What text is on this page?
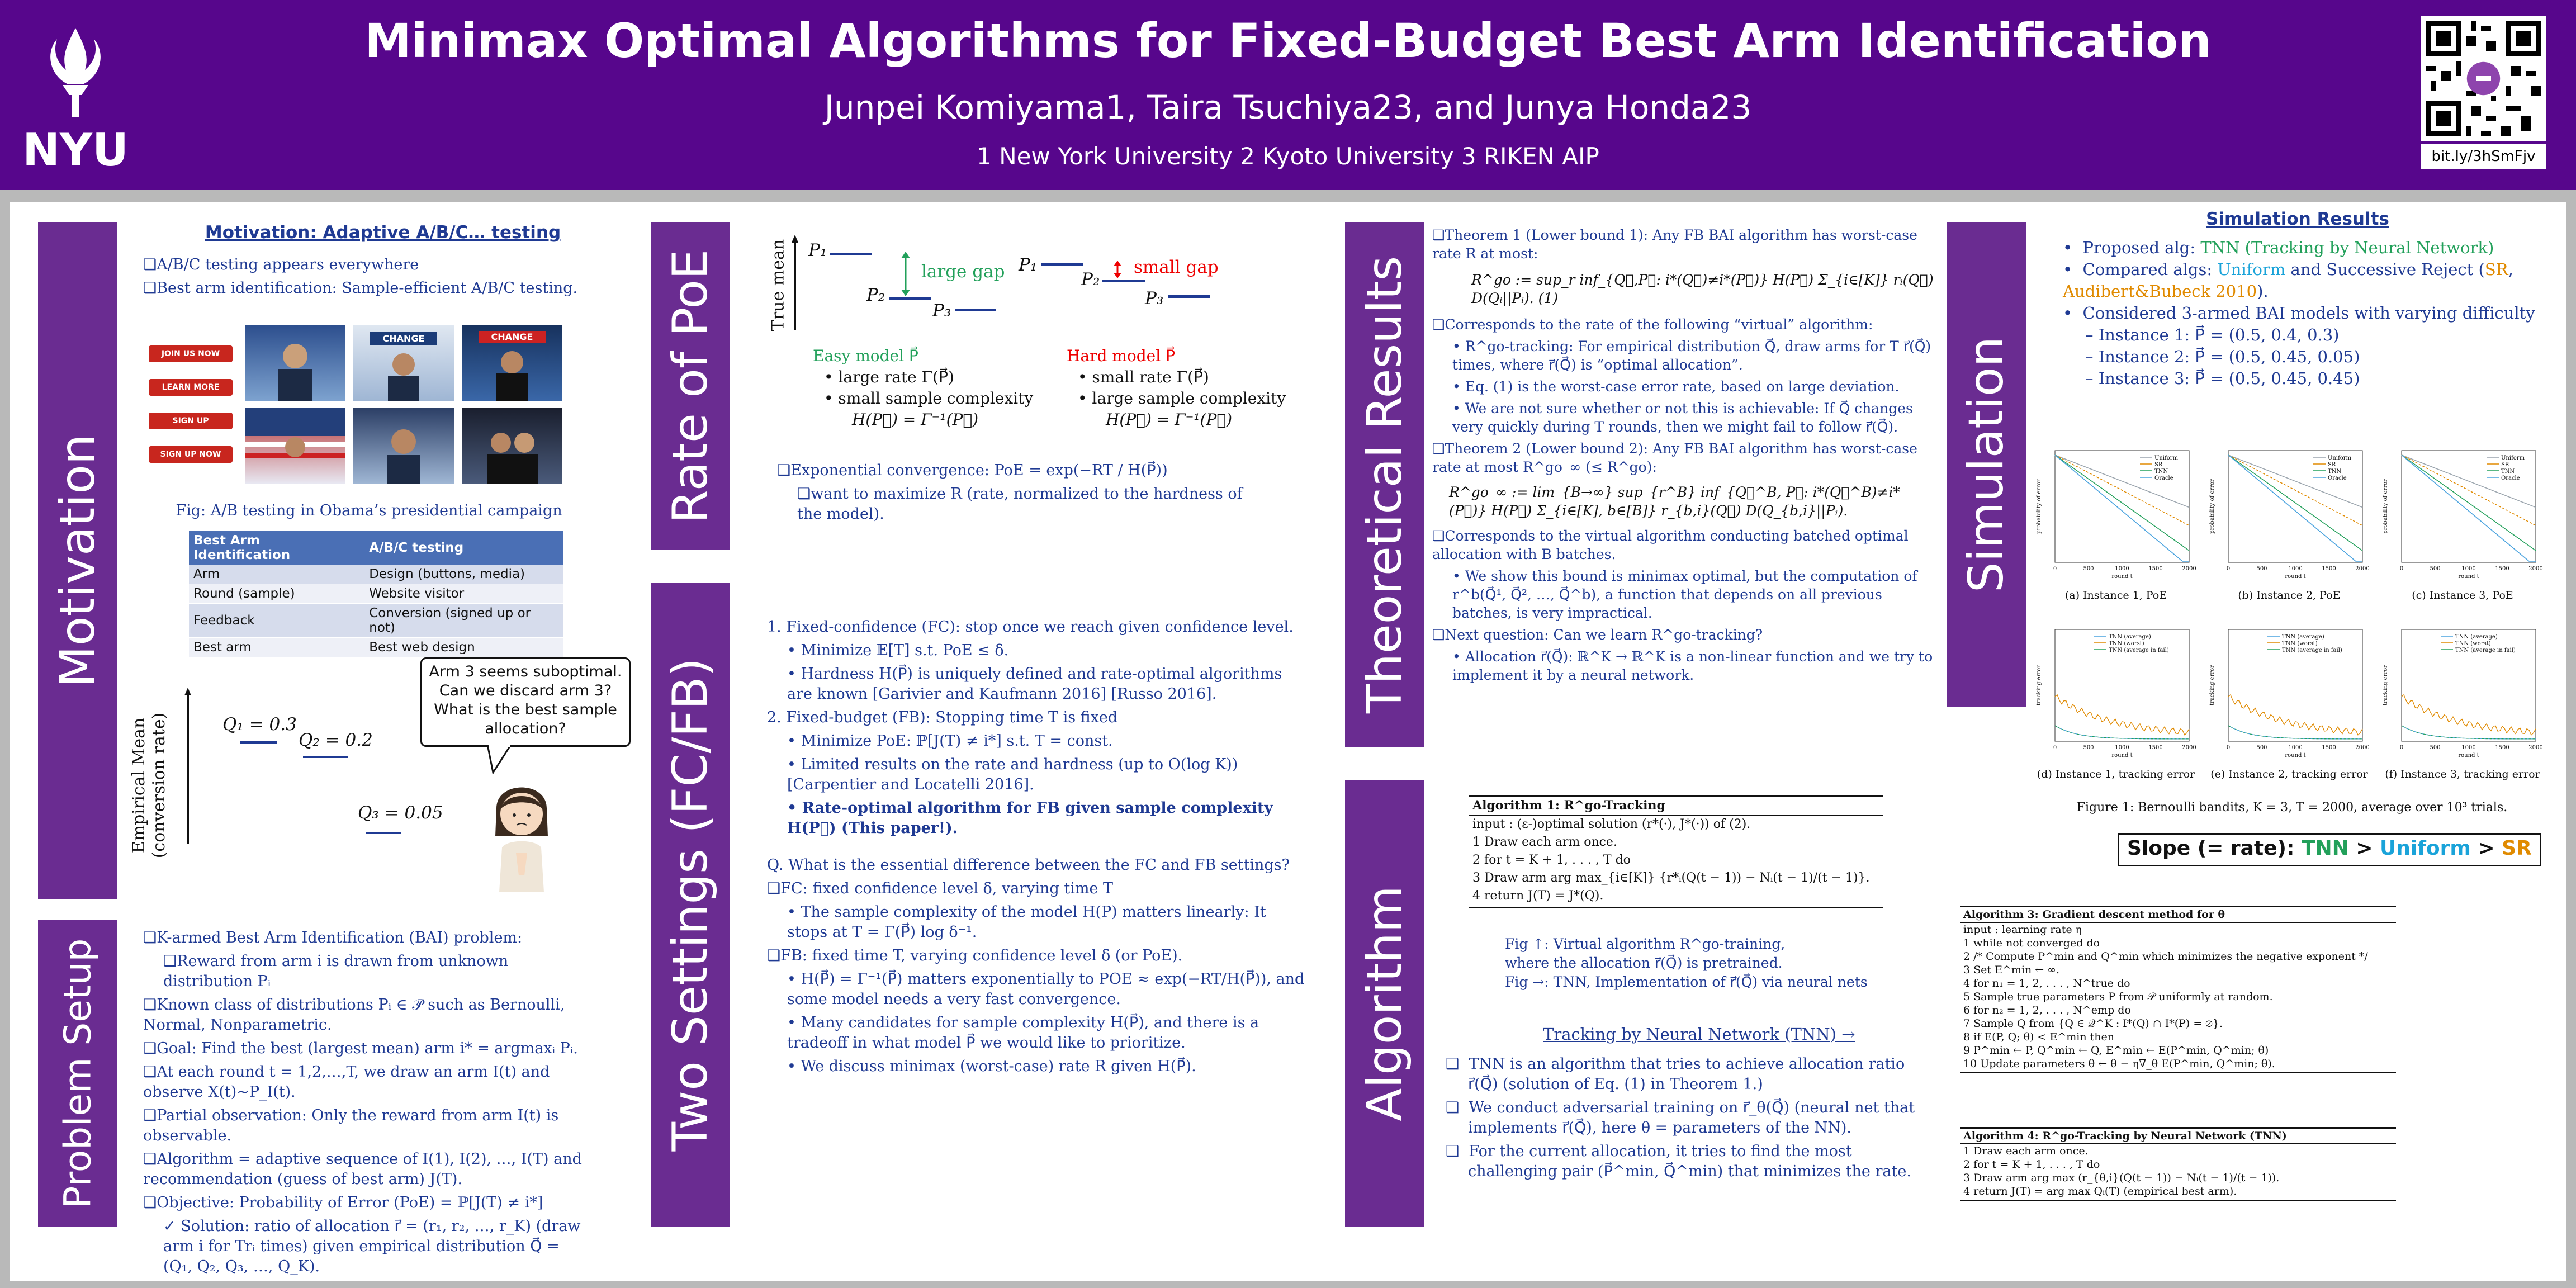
NYU
Minimax Optimal Algorithms for Fixed-Budget Best Arm Identification
Junpei Komiyama1, Taira Tsuchiya23, and Junya Honda23
1 New York University 2 Kyoto University 3 RIKEN AIP	bit.ly/3hSmFjv
Motivation
Problem Setup
Motivation: Adaptive A/B/C… testing

❑A/B/C testing appears everywhere

❑Best arm identification: Sample-efficient A/B/C testing.

JOIN US NOW
LEARN MORE
SIGN UP
SIGN UP NOW
CHANGE	CHANGE
Fig: A/B testing in Obama’s presidential campaign
Best Arm Identification	A/B/C testing
Arm	Design (buttons, media)
Round (sample)	Website visitor
Feedback	Conversion (signed up or not)
Best arm	Best web design
Empirical Mean (conversion rate)	Q₁ = 0.3
Q₂ = 0.2
Q₃ = 0.05
Arm 3 seems suboptimal. Can we discard arm 3? What is the best sample allocation?

❑K-armed Best Arm Identification (BAI) problem:

❑Reward from arm i is drawn from unknown distribution Pᵢ

❑Known class of distributions Pᵢ ∈ 𝒫 such as Bernoulli, Normal, Nonparametric.

❑Goal: Find the best (largest mean) arm i* = argmaxᵢ Pᵢ.

❑At each round t = 1,2,…,T, we draw an arm I(t) and observe X(t)~P_I(t).

❑Partial observation: Only the reward from arm I(t) is observable.

❑Algorithm = adaptive sequence of I(1), I(2), …, I(T) and recommendation (guess of best arm) J(T).

❑Objective: Probability of Error (PoE) = ℙ[J(T) ≠ i*]

✓ Solution: ratio of allocation r⃗ = (r₁, r₂, …, r_K) (draw arm i for Trᵢ times) given empirical distribution Q⃗ = (Q₁, Q₂, Q₃, …, Q_K).

Rate of PoE
Two Settings (FC/FB)
True mean P₁
large gap
P₂
P₃
P₁	small gap
P₂
P₃
Easy model P⃗
• large rate Γ(P⃗)
• small sample complexity
H(P⃗) = Γ⁻¹(P⃗)
Hard model P⃗
• small rate Γ(P⃗)
• large sample complexity
H(P⃗) = Γ⁻¹(P⃗)

❑Exponential convergence: PoE = exp(−RT / H(P⃗))

❑want to maximize R (rate, normalized to the hardness of the model).

1. Fixed-confidence (FC): stop once we reach given confidence level.

• Minimize 𝔼[T] s.t. PoE ≤ δ.

• Hardness H(P⃗) is uniquely defined and rate-optimal algorithms are known [Garivier and Kaufmann 2016] [Russo 2016].

2. Fixed-budget (FB): Stopping time T is fixed

• Minimize PoE: ℙ[J(T) ≠ i*] s.t. T = const.

• Limited results on the rate and hardness (up to O(log K)) [Carpentier and Locatelli 2016].

• Rate-optimal algorithm for FB given sample complexity H(P⃗) (This paper!).

Q. What is the essential difference between the FC and FB settings?

❑FC: fixed confidence level δ, varying time T

• The sample complexity of the model H(P) matters linearly: It stops at T = Γ(P⃗) log δ⁻¹.

❑FB: fixed time T, varying confidence level δ (or PoE).

• H(P⃗) = Γ⁻¹(P⃗) matters exponentially to POE ≈ exp(−RT/H(P⃗)), and some model needs a very fast convergence.

• Many candidates for sample complexity H(P⃗), and there is a tradeoff in what model P⃗ we would like to prioritize.

• We discuss minimax (worst-case) rate R given H(P⃗).

Theoretical Results
Algorithm

❑Theorem 1 (Lower bound 1): Any FB BAI algorithm has worst-case rate R at most:

R^go := sup_r inf_{Q⃗,P⃗: i*(Q⃗)≠i*(P⃗)} H(P⃗) Σ_{i∈[K]} rᵢ(Q⃗) D(Qᵢ||Pᵢ). (1)

❑Corresponds to the rate of the following “virtual” algorithm:

• R^go-tracking: For empirical distribution Q⃗, draw arms for T r⃗(Q⃗) times, where r⃗(Q⃗) is “optimal allocation”.

• Eq. (1) is the worst-case error rate, based on large deviation.

• We are not sure whether or not this is achievable: If Q⃗ changes very quickly during T rounds, then we might fail to follow r⃗(Q⃗).

❑Theorem 2 (Lower bound 2): Any FB BAI algorithm has worst-case rate at most R^go_∞ (≤ R^go):

R^go_∞ := lim_{B→∞} sup_{r^B} inf_{Q⃗^B, P⃗: i*(Q⃗^B)≠i*(P⃗)} H(P⃗) Σ_{i∈[K], b∈[B]} r_{b,i}(Q⃗) D(Q_{b,i}||Pᵢ).

❑Corresponds to the virtual algorithm conducting batched optimal allocation with B batches.

• We show this bound is minimax optimal, but the computation of r^b(Q⃗¹, Q⃗², …, Q⃗^b), a function that depends on all previous batches, is very impractical.

❑Next question: Can we learn R^go-tracking?

• Allocation r⃗(Q⃗): ℝ^K → ℝ^K is a non-linear function and we try to implement it by a neural network.

Algorithm 1: R^go-Tracking
input : (ε-)optimal solution (r*(·), J*(·)) of (2).
1 Draw each arm once.
2 for t = K + 1, . . . , T do
3 Draw arm arg max_{i∈[K]} {r*ᵢ(Q(t − 1)) − Nᵢ(t − 1)/(t − 1)}.
4 return J(T) = J*(Q).
Fig ↑: Virtual algorithm R^go-training,
where the allocation r⃗(Q⃗) is pretrained.
Fig →: TNN, Implementation of r⃗(Q⃗) via neural nets
Tracking by Neural Network (TNN) →

❑  TNN is an algorithm that tries to achieve allocation ratio r⃗(Q⃗) (solution of Eq. (1) in Theorem 1.)

❑  We conduct adversarial training on r⃗_θ(Q⃗) (neural net that implements r⃗(Q⃗), here θ = parameters of the NN).

❑  For the current allocation, it tries to find the most challenging pair (P⃗^min, Q⃗^min) that minimizes the rate.

Simulation
Simulation Results
•  Proposed alg: TNN (Tracking by Neural Network)
•  Compared algs: Uniform and Successive Reject (SR, Audibert&Bubeck 2010).
•  Considered 3-armed BAI models with varying difficulty
– Instance 1: P⃗ = (0.5, 0.4, 0.3)
– Instance 2: P⃗ = (0.5, 0.45, 0.05)
– Instance 3: P⃗ = (0.5, 0.45, 0.45)
probability of error
0	500	1000	1500	2000
round t
Uniform
SR
TNN
Oracle
(a) Instance 1, PoE
probability of error
0	500	1000	1500	2000
round t
Uniform
SR
TNN
Oracle
(b) Instance 2, PoE
probability of error
0	500	1000	1500	2000
round t
Uniform
SR
TNN
Oracle
(c) Instance 3, PoE
tracking error
0	500	1000	1500	2000
round t
TNN (average)
TNN (worst)
TNN (average in fail)
(d) Instance 1, tracking error
tracking error
0	500	1000	1500	2000
round t
TNN (average)
TNN (worst)
TNN (average in fail)
(e) Instance 2, tracking error
tracking error
0	500	1000	1500	2000
round t
TNN (average)
TNN (worst)
TNN (average in fail)
(f) Instance 3, tracking error
Figure 1: Bernoulli bandits, K = 3, T = 2000, average over 10³ trials.
Slope (= rate): TNN > Uniform > SR
Algorithm 3: Gradient descent method for θ
input : learning rate η
1 while not converged do
2 /* Compute P^min and Q^min which minimizes the negative exponent */
3 Set E^min ← ∞.
4 for n₁ = 1, 2, . . . , N^true do
5 Sample true parameters P from 𝒫 uniformly at random.
6 for n₂ = 1, 2, . . . , N^emp do
7 Sample Q from {Q ∈ 𝒬^K : I*(Q) ∩ I*(P) = ∅}.
8 if E(P, Q; θ) < E^min then
9 P^min ← P, Q^min ← Q, E^min ← E(P^min, Q^min; θ)
10 Update parameters θ ← θ − η∇_θ E(P^min, Q^min; θ).
Algorithm 4: R^go-Tracking by Neural Network (TNN)
1 Draw each arm once.
2 for t = K + 1, . . . , T do
3 Draw arm arg max (r_{θ,i}(Q(t − 1)) − Nᵢ(t − 1)/(t − 1)).
4 return J(T) = arg max Qᵢ(T) (empirical best arm).
